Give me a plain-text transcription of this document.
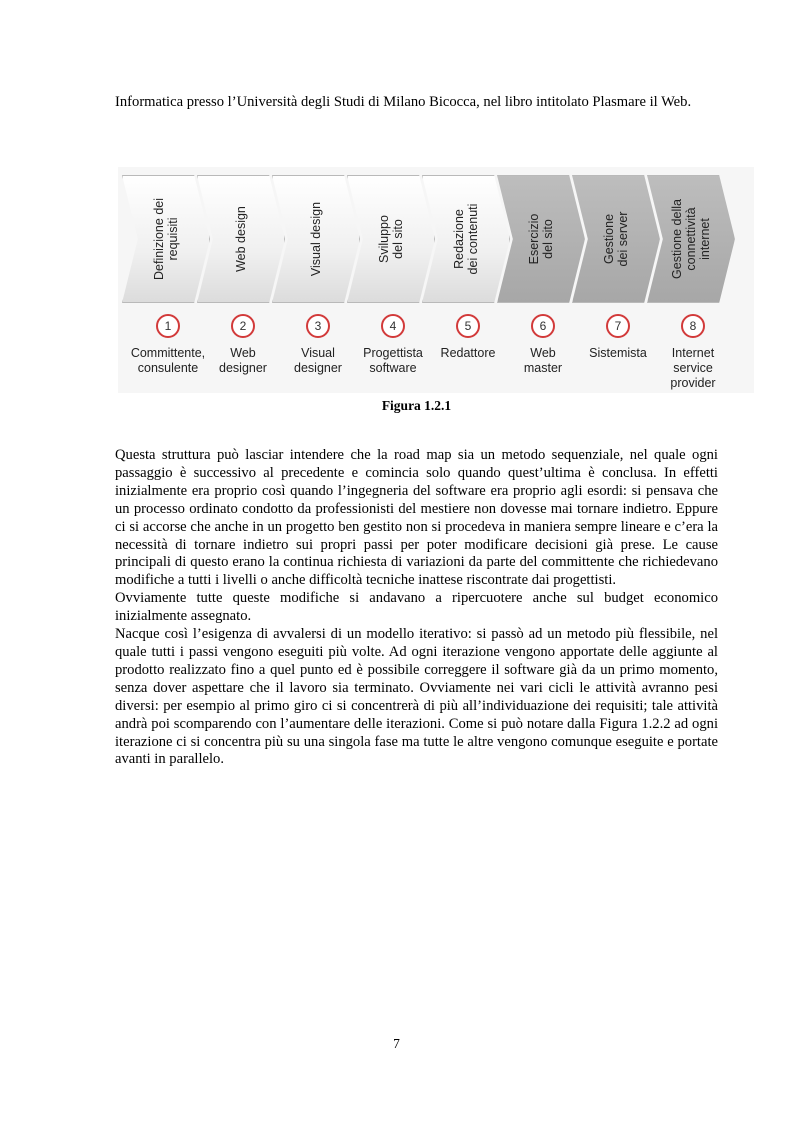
Informatica presso l’Università degli Studi di Milano Bicocca, nel libro intitolato Plasmare il Web.

Definizione dei
requisiti
1
Committente,
consulente
Web design
2
Web
designer
Visual design
3
Visual
designer
Sviluppo
del sito
4
Progettista
software
Redazione
dei contenuti
5
Redattore
Esercizio
del sito
6
Web
master
Gestione
dei server
7
Sistemista
Gestione della
connettività
internet
8
Internet
service
provider

Figura 1.2.1

Questa struttura può lasciar intendere che la road map sia un metodo sequenziale, nel quale ogni passaggio è successivo al precedente e comincia solo quando quest’ultima è conclusa. In effetti inizialmente era proprio così quando l’ingegneria del software era proprio agli esordi: si pensava che un processo ordinato condotto da professionisti del mestiere non dovesse mai tornare indietro. Eppure ci si accorse che anche in un progetto ben gestito non si procedeva in maniera sempre lineare e c’era la necessità di tornare indietro sui propri passi per poter modificare decisioni già prese. Le cause principali di questo erano la continua richiesta di variazioni da parte del committente che richiedevano modifiche a tutti i livelli o anche difficoltà tecniche inattese riscontrate dai progettisti.

Ovviamente tutte queste modifiche si andavano a ripercuotere anche sul budget economico inizialmente assegnato.

Nacque così l’esigenza di avvalersi di un modello iterativo: si passò ad un metodo più flessibile, nel quale tutti i passi vengono eseguiti più volte. Ad ogni iterazione vengono apportate delle aggiunte al prodotto realizzato fino a quel punto ed è possibile correggere il software già da un primo momento, senza dover aspettare che il lavoro sia terminato. Ovviamente nei vari cicli le attività avranno pesi diversi: per esempio al primo giro ci si concentrerà di più all’individuazione dei requisiti; tale attività andrà poi scomparendo con l’aumentare delle iterazioni. Come si può notare dalla Figura 1.2.2 ad ogni iterazione ci si concentra più su una singola fase ma tutte le altre vengono comunque eseguite e portate avanti in parallelo.

7
